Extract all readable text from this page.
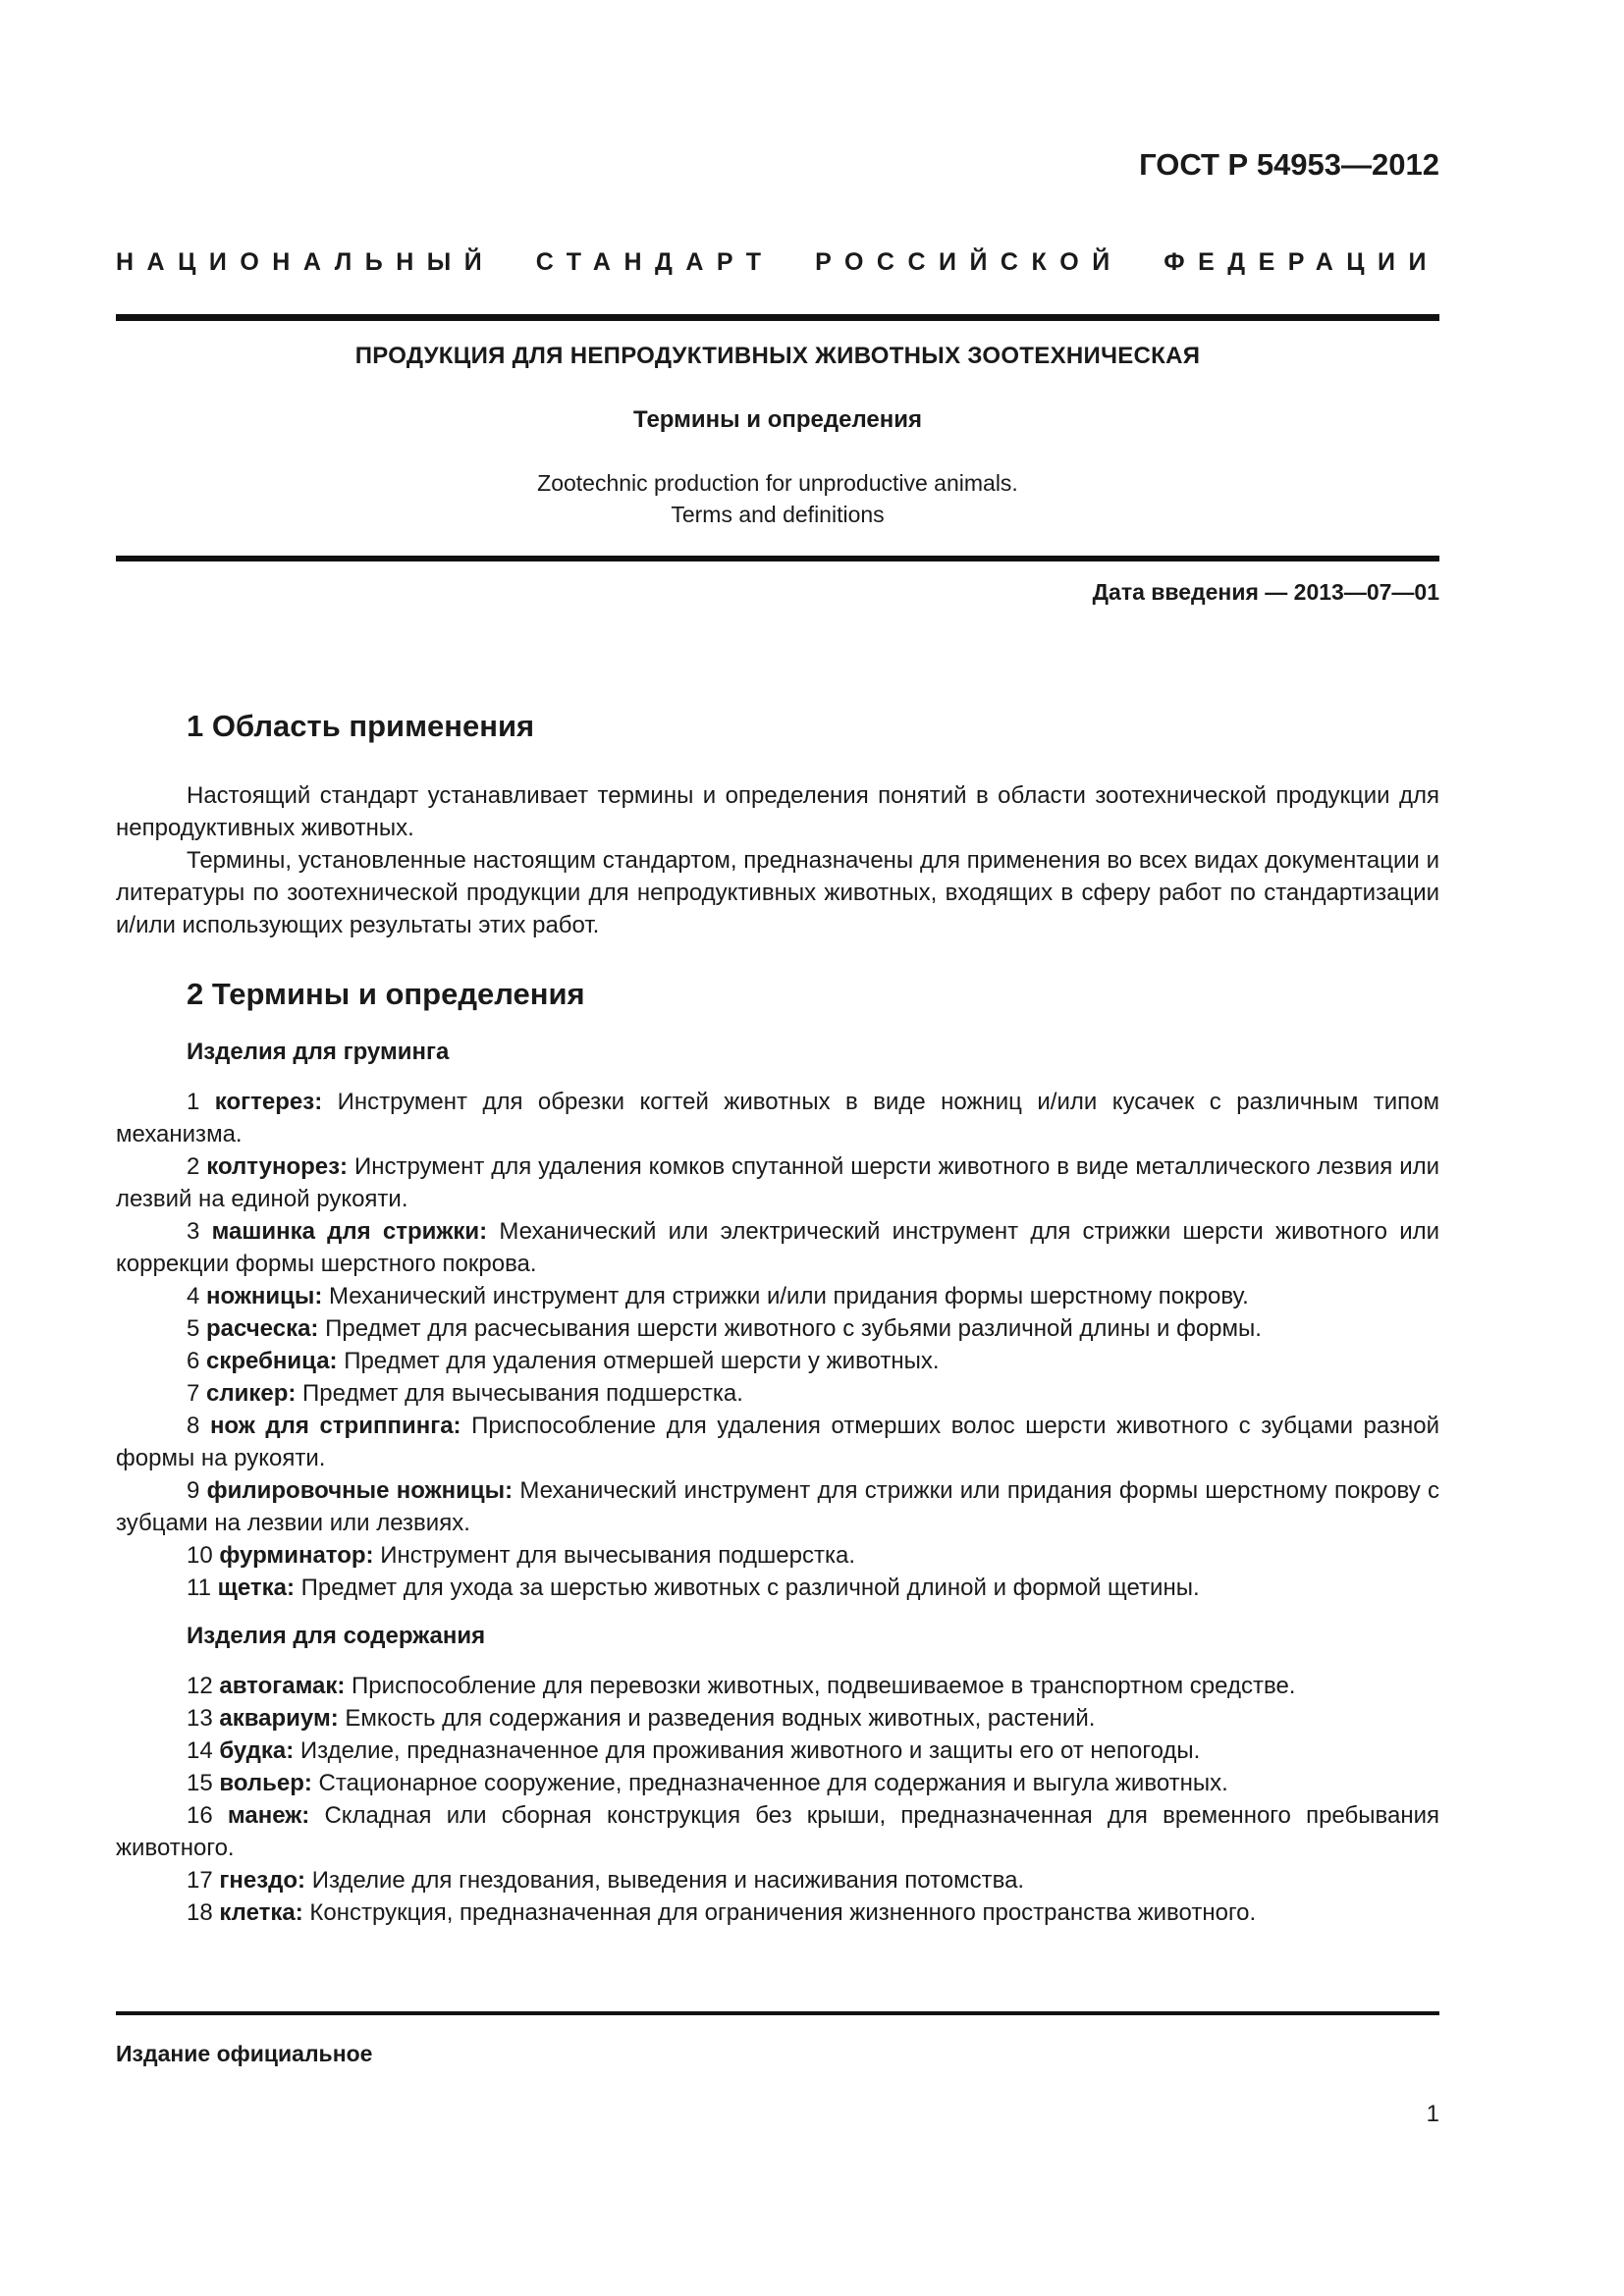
ГОСТ Р 54953—2012
НАЦИОНАЛЬНЫЙ СТАНДАРТ РОССИЙСКОЙ ФЕДЕРАЦИИ
ПРОДУКЦИЯ ДЛЯ НЕПРОДУКТИВНЫХ ЖИВОТНЫХ ЗООТЕХНИЧЕСКАЯ
Термины и определения
Zootechnic production for unproductive animals.
Terms and definitions
Дата введения — 2013—07—01
1 Область применения

Настоящий стандарт устанавливает термины и определения понятий в области зоотехнической продукции для непродуктивных животных.

Термины, установленные настоящим стандартом, предназначены для применения во всех видах документации и литературы по зоотехнической продукции для непродуктивных животных, входящих в сферу работ по стандартизации и/или использующих результаты этих работ.

2 Термины и определения
Изделия для груминга

1 когтерез: Инструмент для обрезки когтей животных в виде ножниц и/или кусачек с различным типом механизма.

2 колтунорез: Инструмент для удаления комков спутанной шерсти животного в виде металлического лезвия или лезвий на единой рукояти.

3 машинка для стрижки: Механический или электрический инструмент для стрижки шерсти животного или коррекции формы шерстного покрова.

4 ножницы: Механический инструмент для стрижки и/или придания формы шерстному покрову.

5 расческа: Предмет для расчесывания шерсти животного с зубьями различной длины и формы.

6 скребница: Предмет для удаления отмершей шерсти у животных.

7 сликер: Предмет для вычесывания подшерстка.

8 нож для стриппинга: Приспособление для удаления отмерших волос шерсти животного с зубцами разной формы на рукояти.

9 филировочные ножницы: Механический инструмент для стрижки или придания формы шерстному покрову с зубцами на лезвии или лезвиях.

10 фурминатор: Инструмент для вычесывания подшерстка.

11 щетка: Предмет для ухода за шерстью животных с различной длиной и формой щетины.

Изделия для содержания

12 автогамак: Приспособление для перевозки животных, подвешиваемое в транспортном средстве.

13 аквариум: Емкость для содержания и разведения водных животных, растений.

14 будка: Изделие, предназначенное для проживания животного и защиты его от непогоды.

15 вольер: Стационарное сооружение, предназначенное для содержания и выгула животных.

16 манеж: Складная или сборная конструкция без крыши, предназначенная для временного пребывания животного.

17 гнездо: Изделие для гнездования, выведения и насиживания потомства.

18 клетка: Конструкция, предназначенная для ограничения жизненного пространства животного.

Издание официальное
1
